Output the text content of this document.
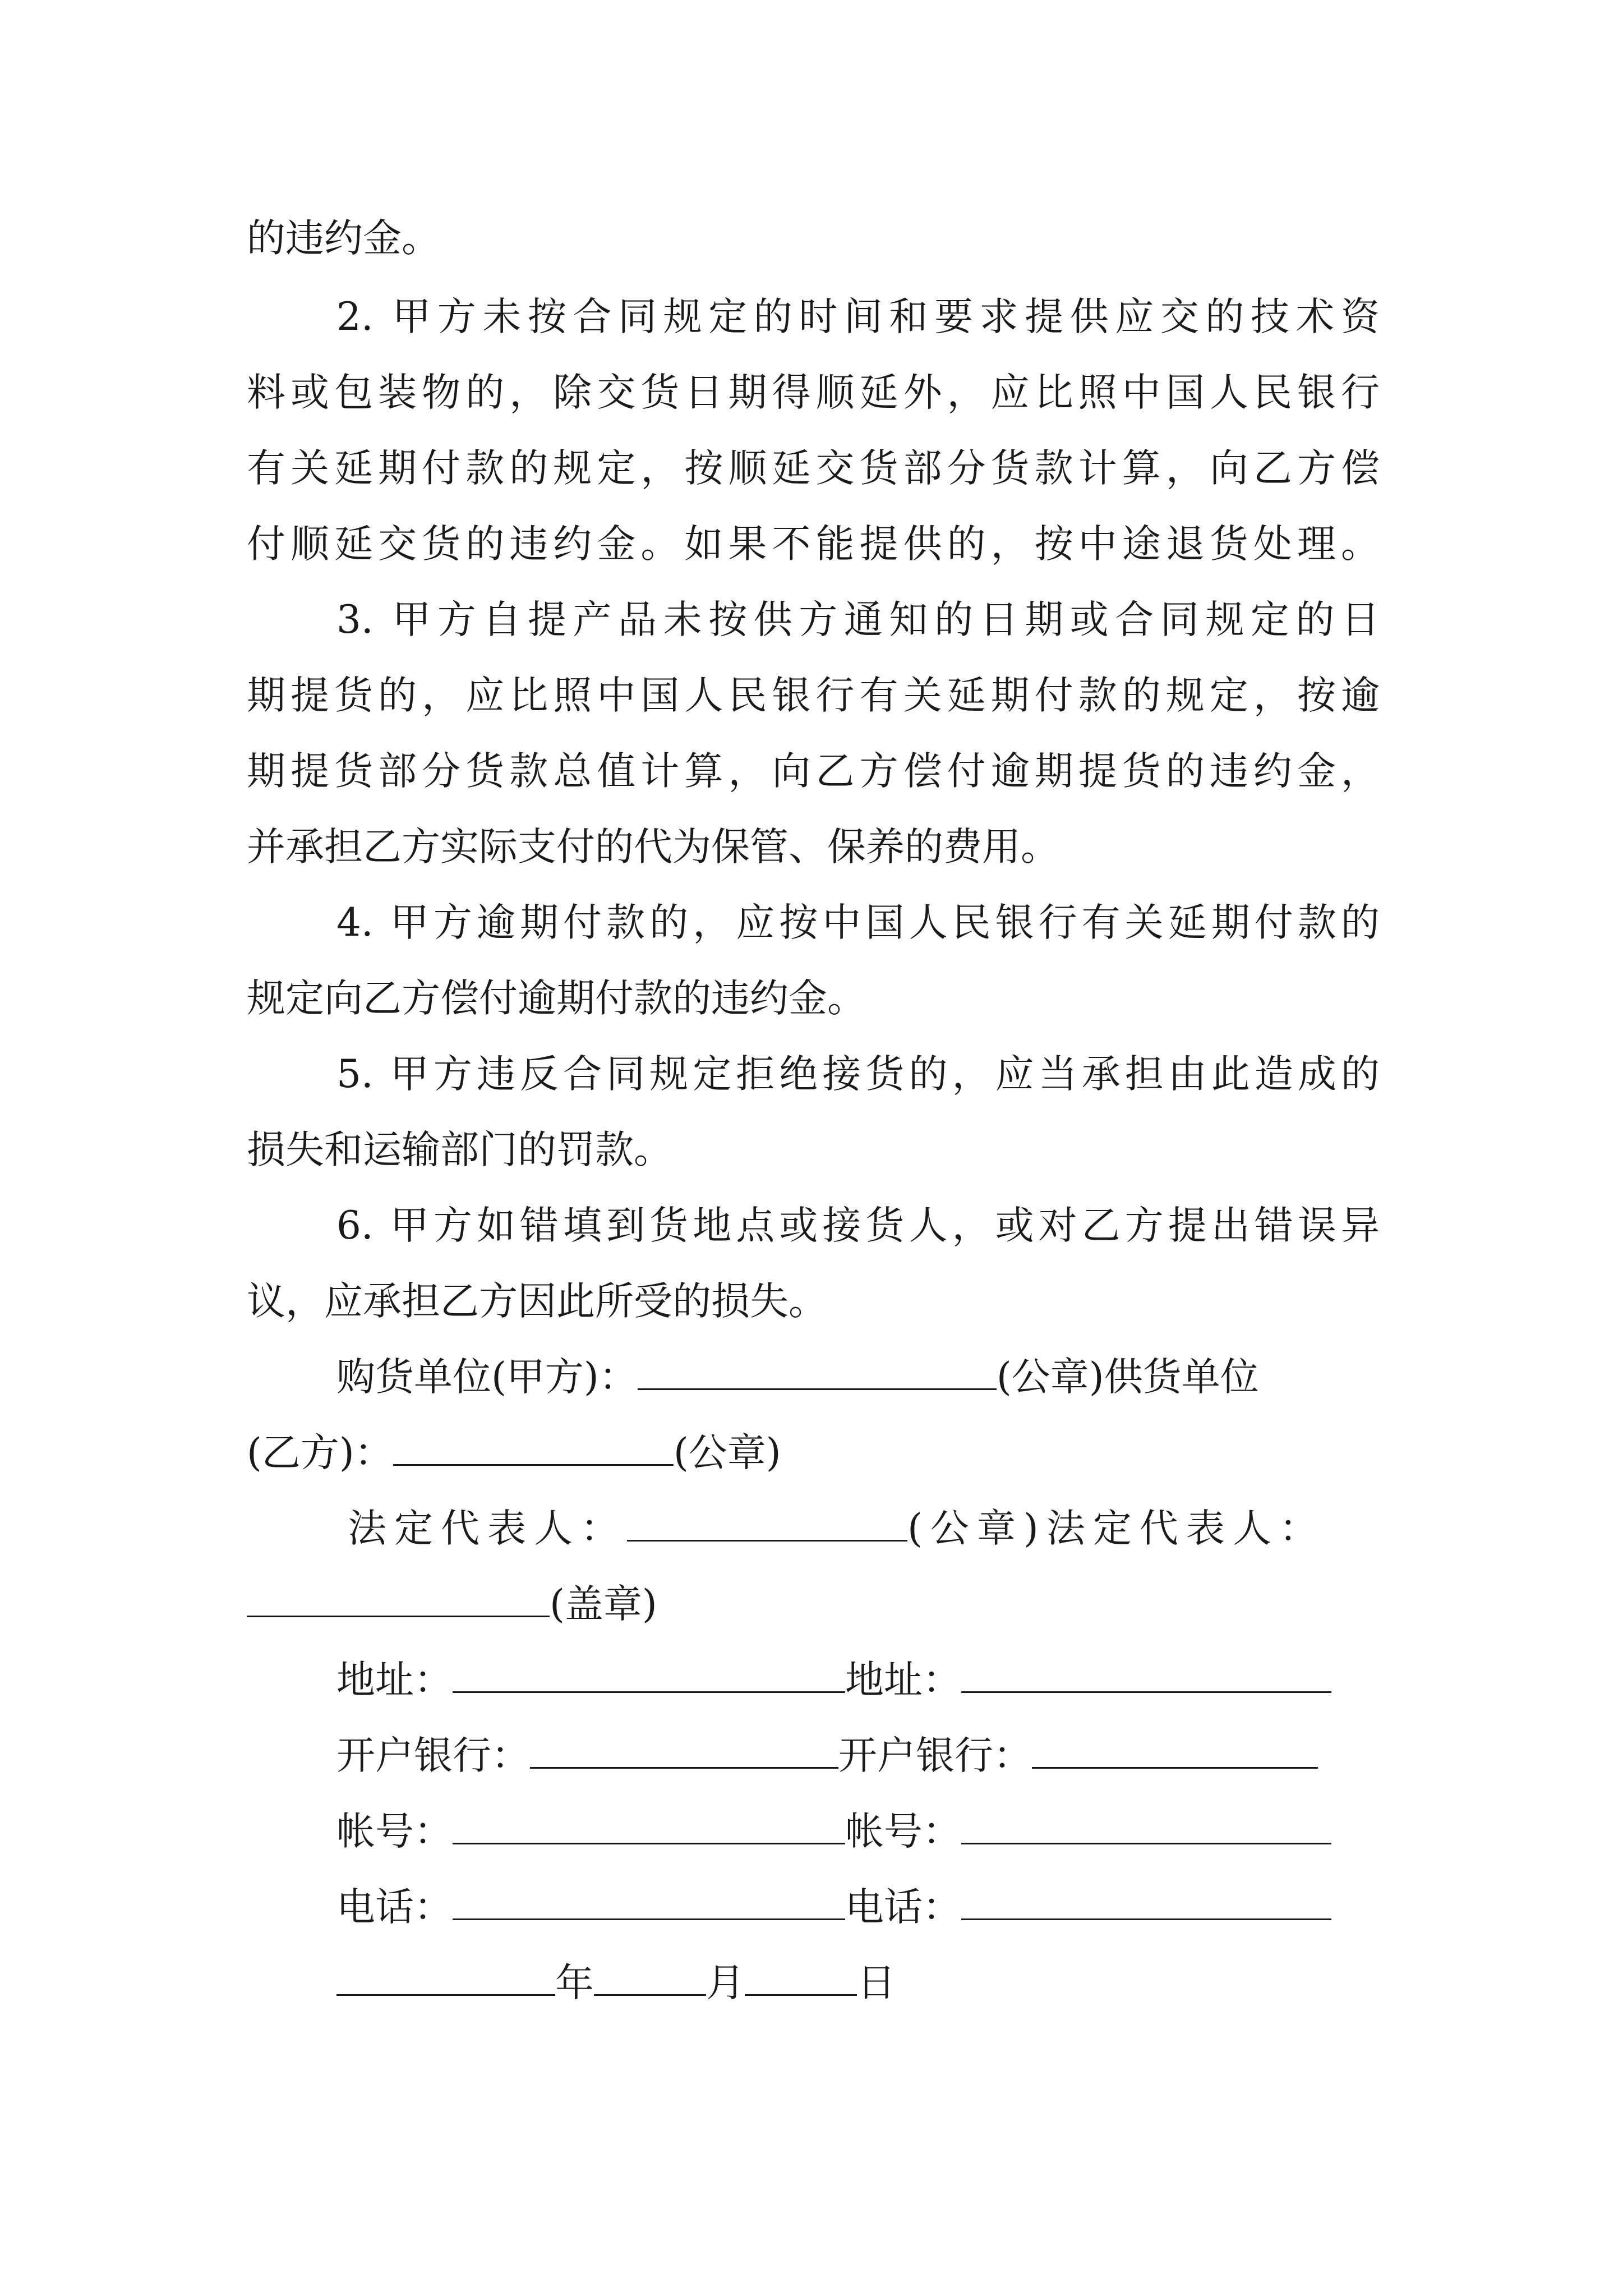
的违约金。
2. 甲方未按合同规定的时间和要求提供应交的技术资
料或包装物的，除交货日期得顺延外，应比照中国人民银行
有关延期付款的规定，按顺延交货部分货款计算，向乙方偿
付顺延交货的违约金。如果不能提供的，按中途退货处理。
3. 甲方自提产品未按供方通知的日期或合同规定的日
期提货的，应比照中国人民银行有关延期付款的规定，按逾
期提货部分货款总值计算，向乙方偿付逾期提货的违约金，
并承担乙方实际支付的代为保管、保养的费用。
4. 甲方逾期付款的，应按中国人民银行有关延期付款的
规定向乙方偿付逾期付款的违约金。
5. 甲方违反合同规定拒绝接货的，应当承担由此造成的
损失和运输部门的罚款。
6. 甲方如错填到货地点或接货人，或对乙方提出错误异
议，应承担乙方因此所受的损失。
购货单位(甲方)：	(公章)供货单位
(乙方)：	(公章)
法定代表人：	(公章)法定代表人：
(盖章)
地址：	地址：
开户银行：	开户银行：
帐号：	帐号：
电话：	电话：
年	月	日
